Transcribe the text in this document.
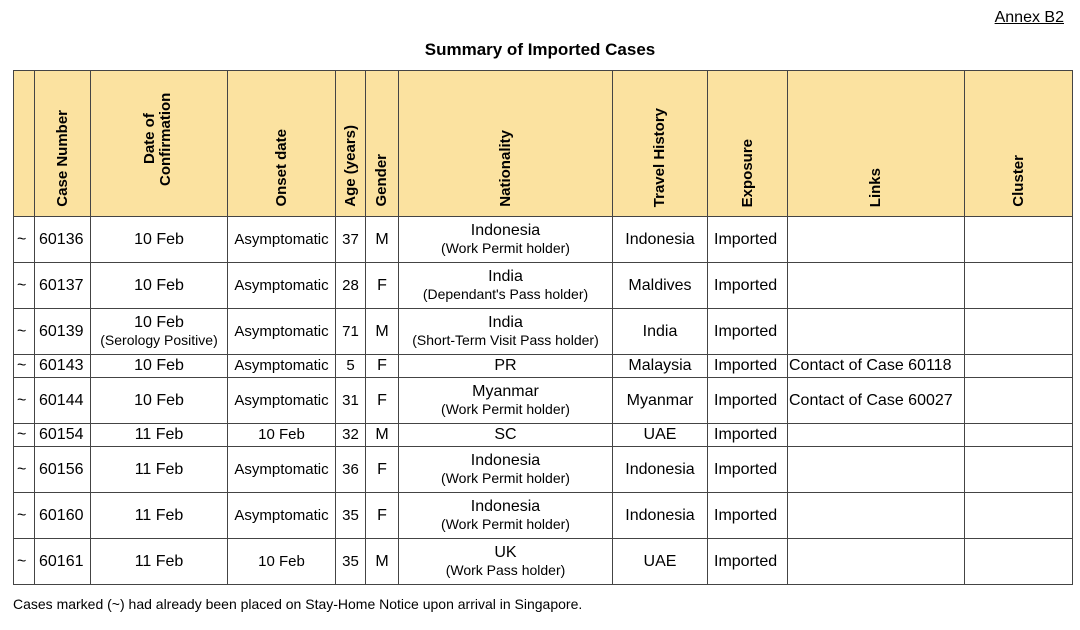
Annex B2
Summary of Imported Cases
	Case Number	Date of Confirmation	Onset date	Age (years)	Gender	Nationality	Travel History	Exposure	Links	Cluster
~	60136	10 Feb	Asymptomatic	37	M	Indonesia
(Work Permit holder)	Indonesia	Imported		
~	60137	10 Feb	Asymptomatic	28	F	India
(Dependant's Pass holder)	Maldives	Imported		
~	60139	10 Feb
(Serology Positive)	Asymptomatic	71	M	India
(Short-Term Visit Pass holder)	India	Imported		
~	60143	10 Feb	Asymptomatic	5	F	PR	Malaysia	Imported	Contact of Case 60118	
~	60144	10 Feb	Asymptomatic	31	F	Myanmar
(Work Permit holder)	Myanmar	Imported	Contact of Case 60027	
~	60154	11 Feb	10 Feb	32	M	SC	UAE	Imported		
~	60156	11 Feb	Asymptomatic	36	F	Indonesia
(Work Permit holder)	Indonesia	Imported		
~	60160	11 Feb	Asymptomatic	35	F	Indonesia
(Work Permit holder)	Indonesia	Imported		
~	60161	11 Feb	10 Feb	35	M	UK
(Work Pass holder)	UAE	Imported		
Cases marked (~) had already been placed on Stay-Home Notice upon arrival in Singapore.
